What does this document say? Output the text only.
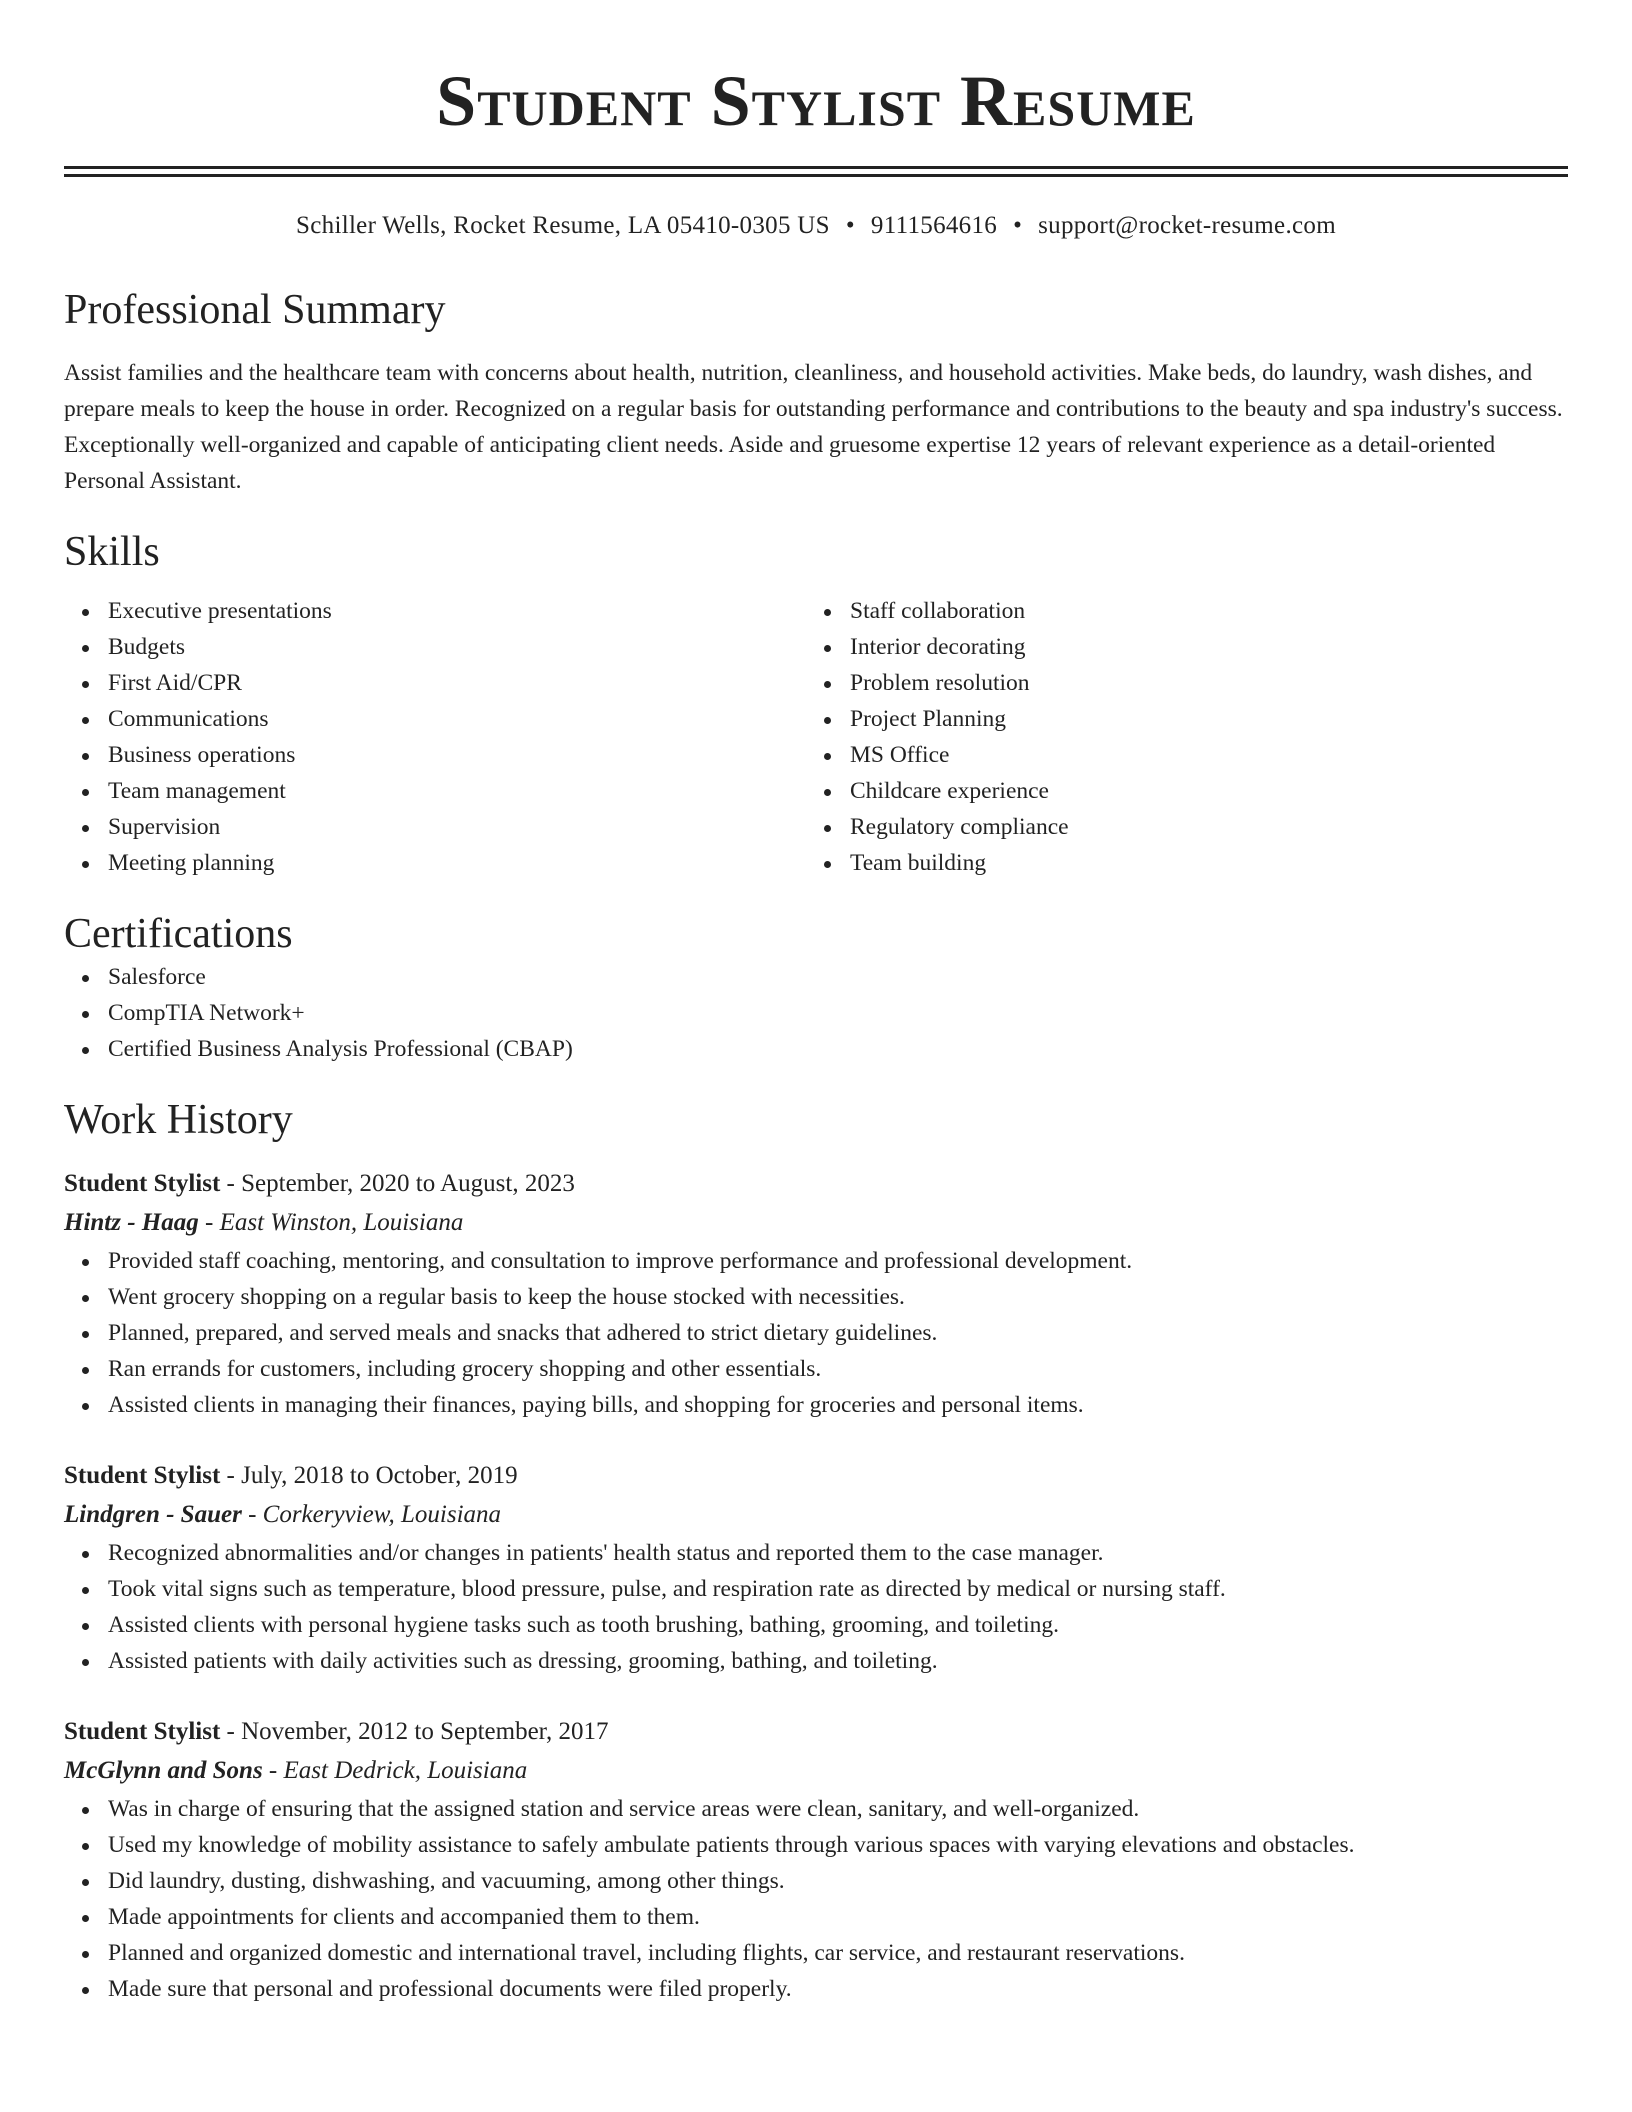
Student Stylist Resume
Schiller Wells, Rocket Resume, LA 05410-0305 US • 9111564616 • support@rocket-resume.com
Professional Summary

Assist families and the healthcare team with concerns about health, nutrition, cleanliness, and household activities. Make beds, do laundry, wash dishes, and prepare meals to keep the house in order. Recognized on a regular basis for outstanding performance and contributions to the beauty and spa industry's success. Exceptionally well-organized and capable of anticipating client needs. Aside and gruesome expertise 12 years of relevant experience as a detail-oriented Personal Assistant.

Skills
Executive presentations
Budgets
First Aid/CPR
Communications
Business operations
Team management
Supervision
Meeting planning
Staff collaboration
Interior decorating
Problem resolution
Project Planning
MS Office
Childcare experience
Regulatory compliance
Team building
Certifications
Salesforce
CompTIA Network+
Certified Business Analysis Professional (CBAP)
Work History
Student Stylist - September, 2020 to August, 2023
Hintz - Haag - East Winston, Louisiana
Provided staff coaching, mentoring, and consultation to improve performance and professional development.
Went grocery shopping on a regular basis to keep the house stocked with necessities.
Planned, prepared, and served meals and snacks that adhered to strict dietary guidelines.
Ran errands for customers, including grocery shopping and other essentials.
Assisted clients in managing their finances, paying bills, and shopping for groceries and personal items.
Student Stylist - July, 2018 to October, 2019
Lindgren - Sauer - Corkeryview, Louisiana
Recognized abnormalities and/or changes in patients' health status and reported them to the case manager.
Took vital signs such as temperature, blood pressure, pulse, and respiration rate as directed by medical or nursing staff.
Assisted clients with personal hygiene tasks such as tooth brushing, bathing, grooming, and toileting.
Assisted patients with daily activities such as dressing, grooming, bathing, and toileting.
Student Stylist - November, 2012 to September, 2017
McGlynn and Sons - East Dedrick, Louisiana
Was in charge of ensuring that the assigned station and service areas were clean, sanitary, and well-organized.
Used my knowledge of mobility assistance to safely ambulate patients through various spaces with varying elevations and obstacles.
Did laundry, dusting, dishwashing, and vacuuming, among other things.
Made appointments for clients and accompanied them to them.
Planned and organized domestic and international travel, including flights, car service, and restaurant reservations.
Made sure that personal and professional documents were filed properly.
